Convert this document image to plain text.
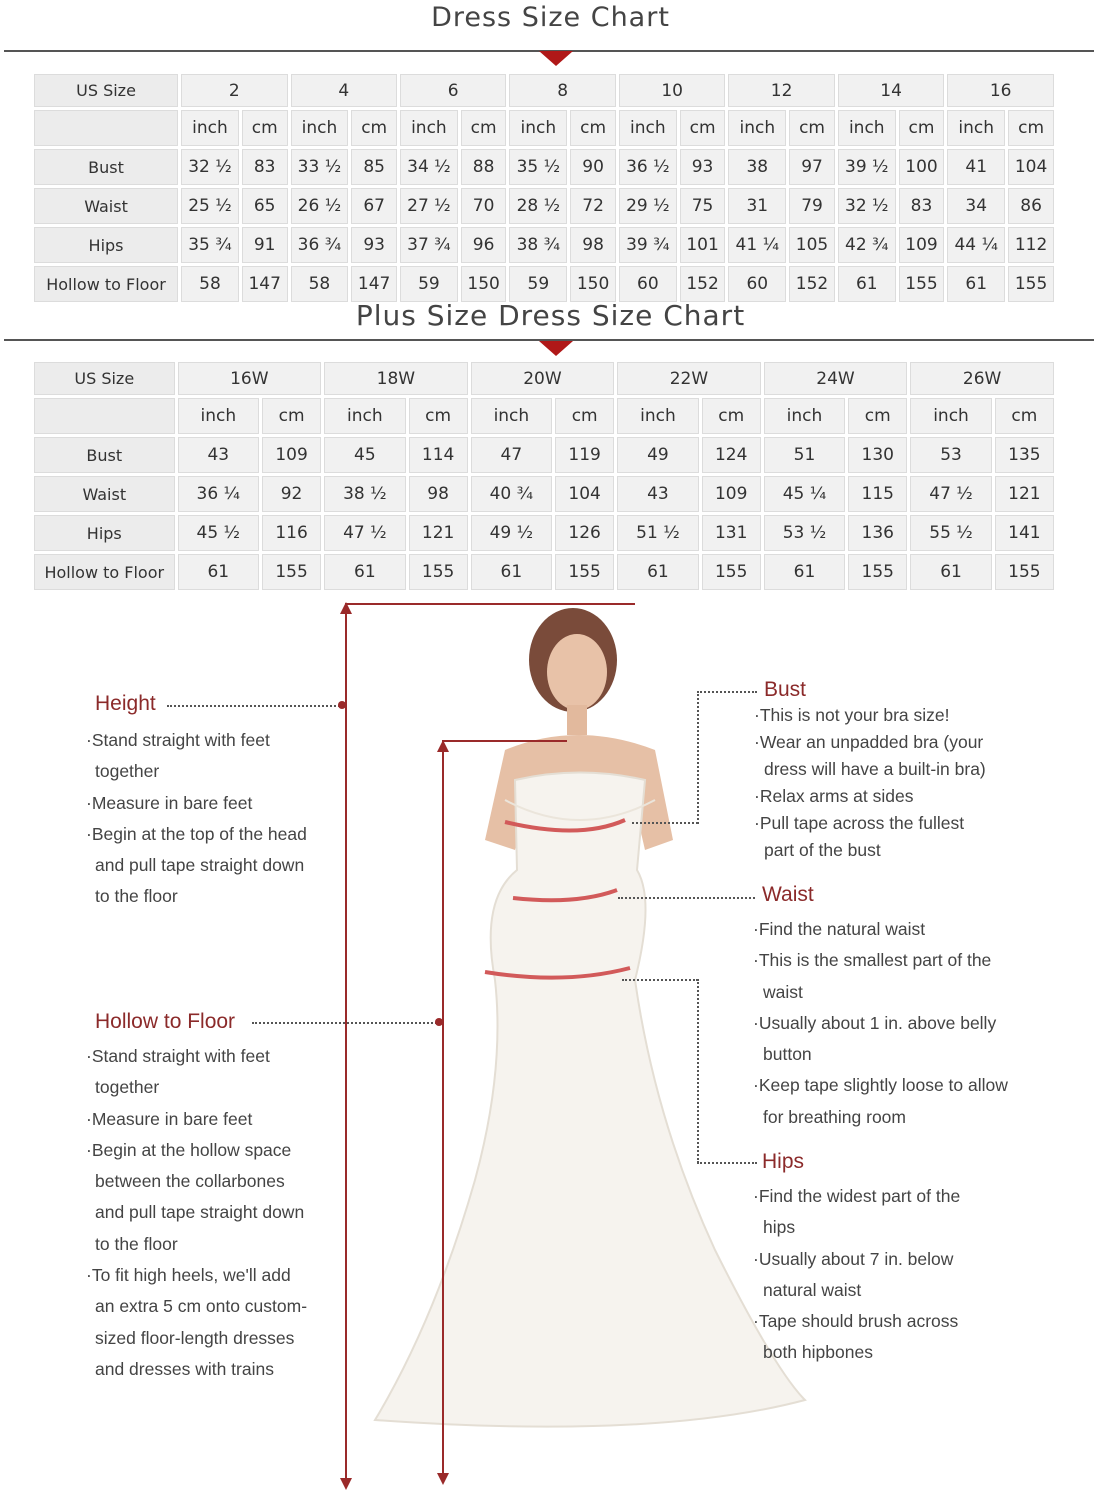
Dress Size Chart
US Size	2		4		6		8		10		12		14		16	
	inch	cm	inch	cm	inch	cm	inch	cm	inch	cm	inch	cm	inch	cm	inch	cm
Bust	32 ½	83	33 ½	85	34 ½	88	35 ½	90	36 ½	93	38	97	39 ½	100	41	104
Waist	25 ½	65	26 ½	67	27 ½	70	28 ½	72	29 ½	75	31	79	32 ½	83	34	86
Hips	35 ¾	91	36 ¾	93	37 ¾	96	38 ¾	98	39 ¾	101	41 ¼	105	42 ¾	109	44 ¼	112
Hollow to Floor	58	147	58	147	59	150	59	150	60	152	60	152	61	155	61	155
Plus Size Dress Size Chart
US Size	16W		18W		20W		22W		24W		26W	
	inch	cm	inch	cm	inch	cm	inch	cm	inch	cm	inch	cm
Bust	43	109	45	114	47	119	49	124	51	130	53	135
Waist	36 ¼	92	38 ½	98	40 ¾	104	43	109	45 ¼	115	47 ½	121
Hips	45 ½	116	47 ½	121	49 ½	126	51 ½	131	53 ½	136	55 ½	141
Hollow to Floor	61	155	61	155	61	155	61	155	61	155	61	155
Height
·Stand straight with feet
together
·Measure in bare feet
·Begin at the top of the head
and pull tape straight down
to the floor
Hollow to Floor
·Stand straight with feet
together
·Measure in bare feet
·Begin at the hollow space
between the collarbones
and pull tape straight down
to the floor
·To fit high heels, we'll add
an extra 5 cm onto custom-
sized floor-length dresses
and dresses with trains
Bust
·This is not your bra size!
·Wear an unpadded bra (your
dress will have a built-in bra)
·Relax arms at sides
·Pull tape across the fullest
part of the bust
Waist
·Find the natural waist
·This is the smallest part of the
waist
·Usually about 1 in. above belly
button
·Keep tape slightly loose to allow
for breathing room
Hips
·Find the widest part of the
hips
·Usually about 7 in. below
natural waist
·Tape should brush across
both hipbones
